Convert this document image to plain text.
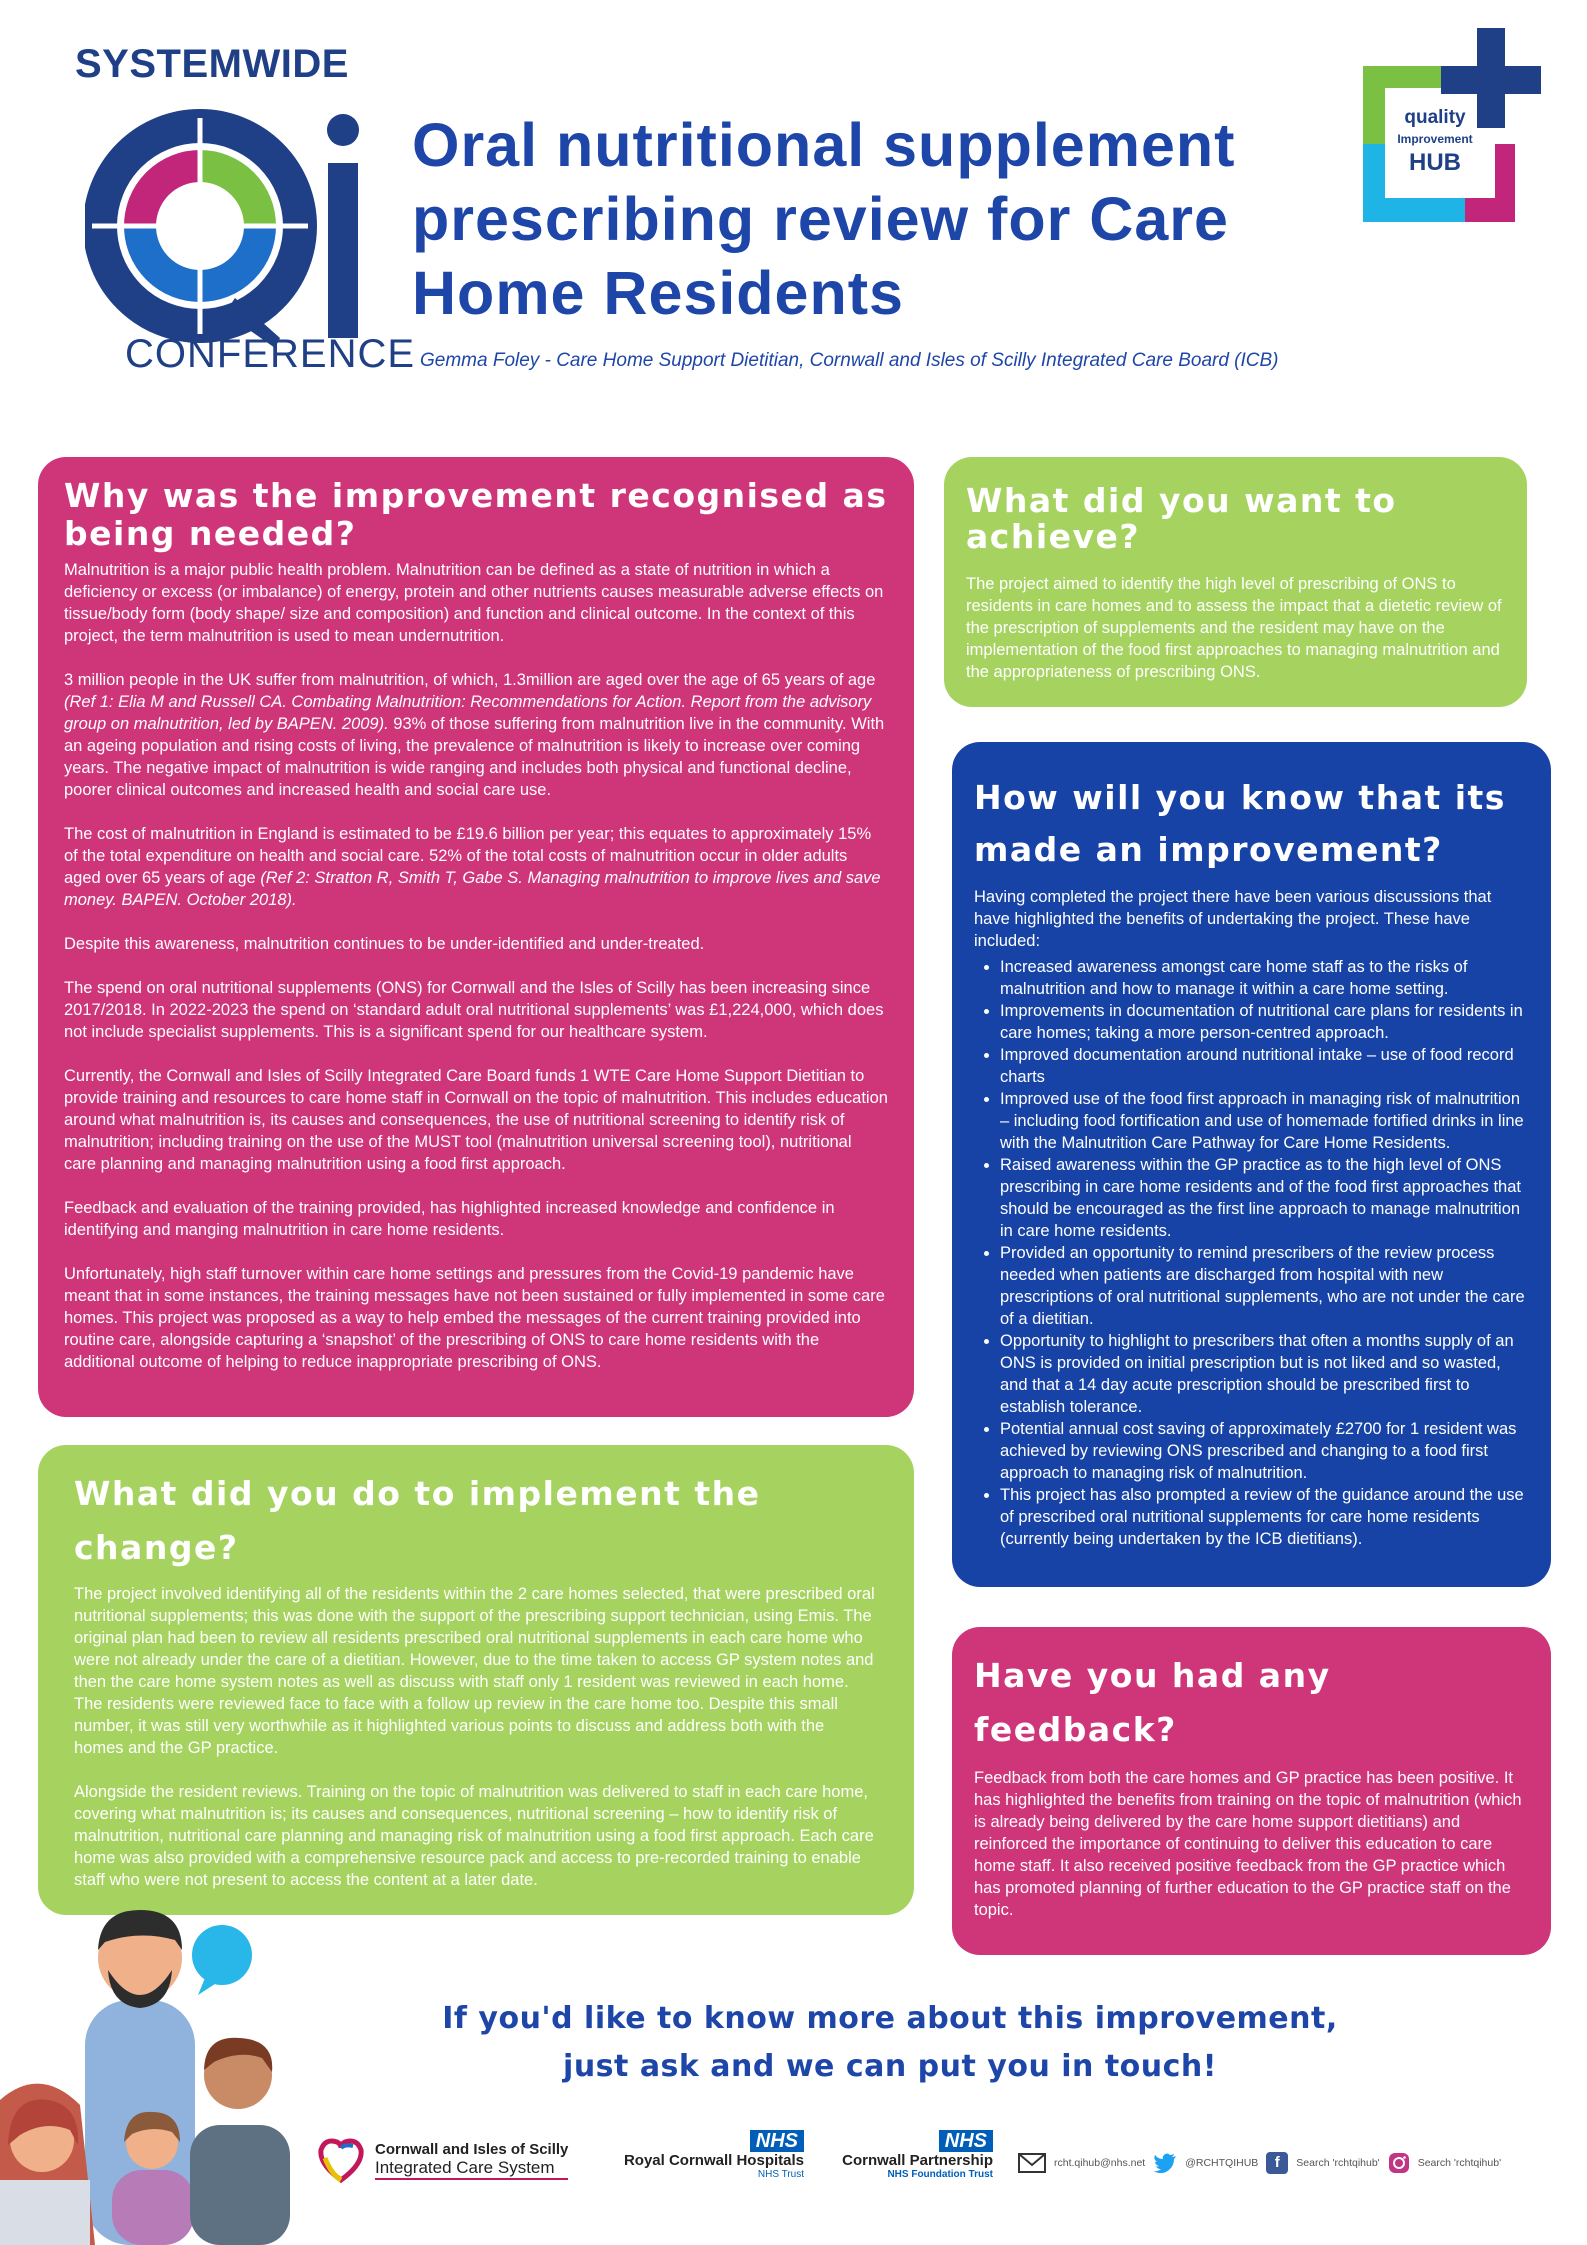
SYSTEMWIDE
CONFERENCE
Oral nutritional supplement prescribing review for Care Home Residents
Gemma Foley - Care Home Support Dietitian, Cornwall and Isles of Scilly Integrated Care Board (ICB)
quality
Improvement
HUB
Why was the improvement recognised as being needed?

Malnutrition is a major public health problem. Malnutrition can be defined as a state of nutrition in which a deficiency or excess (or imbalance) of energy, protein and other nutrients causes measurable adverse effects on tissue/body form (body shape/ size and composition) and function and clinical outcome. In the context of this project, the term malnutrition is used to mean undernutrition.

3 million people in the UK suffer from malnutrition, of which, 1.3million are aged over the age of 65 years of age (Ref 1: Elia M and Russell CA. Combating Malnutrition: Recommendations for Action. Report from the advisory group on malnutrition, led by BAPEN. 2009). 93% of those suffering from malnutrition live in the community. With an ageing population and rising costs of living, the prevalence of malnutrition is likely to increase over coming years. The negative impact of malnutrition is wide ranging and includes both physical and functional decline, poorer clinical outcomes and increased health and social care use.

The cost of malnutrition in England is estimated to be £19.6 billion per year; this equates to approximately 15% of the total expenditure on health and social care. 52% of the total costs of malnutrition occur in older adults aged over 65 years of age (Ref 2: Stratton R, Smith T, Gabe S. Managing malnutrition to improve lives and save money. BAPEN. October 2018).

Despite this awareness, malnutrition continues to be under-identified and under-treated.

The spend on oral nutritional supplements (ONS) for Cornwall and the Isles of Scilly has been increasing since 2017/2018. In 2022-2023 the spend on ‘standard adult oral nutritional supplements’ was £1,224,000, which does not include specialist supplements. This is a significant spend for our healthcare system.

Currently, the Cornwall and Isles of Scilly Integrated Care Board funds 1 WTE Care Home Support Dietitian to provide training and resources to care home staff in Cornwall on the topic of malnutrition. This includes education around what malnutrition is, its causes and consequences, the use of nutritional screening to identify risk of malnutrition; including training on the use of the MUST tool (malnutrition universal screening tool), nutritional care planning and managing malnutrition using a food first approach.

Feedback and evaluation of the training provided, has highlighted increased knowledge and confidence in identifying and manging malnutrition in care home residents.

Unfortunately, high staff turnover within care home settings and pressures from the Covid-19 pandemic have meant that in some instances, the training messages have not been sustained or fully implemented in some care homes. This project was proposed as a way to help embed the messages of the current training provided into routine care, alongside capturing a ‘snapshot’ of the prescribing of ONS to care home residents with the additional outcome of helping to reduce inappropriate prescribing of ONS.

What did you want to achieve?

The project aimed to identify the high level of prescribing of ONS to residents in care homes and to assess the impact that a dietetic review of the prescription of supplements and the resident may have on the implementation of the food first approaches to managing malnutrition and the appropriateness of prescribing ONS.

How will you know that its made an improvement?

Having completed the project there have been various discussions that have highlighted the benefits of undertaking the project. These have included:

• Increased awareness amongst care home staff as to the risks of malnutrition and how to manage it within a care home setting.
• Improvements in documentation of nutritional care plans for residents in care homes; taking a more person-centred approach.
• Improved documentation around nutritional intake – use of food record charts
• Improved use of the food first approach in managing risk of malnutrition – including food fortification and use of homemade fortified drinks in line with the Malnutrition Care Pathway for Care Home Residents.
• Raised awareness within the GP practice as to the high level of ONS prescribing in care home residents and of the food first approaches that should be encouraged as the first line approach to manage malnutrition in care home residents.
• Provided an opportunity to remind prescribers of the review process needed when patients are discharged from hospital with new prescriptions of oral nutritional supplements, who are not under the care of a dietitian.
• Opportunity to highlight to prescribers that often a months supply of an ONS is provided on initial prescription but is not liked and so wasted, and that a 14 day acute prescription should be prescribed first to establish tolerance.
• Potential annual cost saving of approximately £2700 for 1 resident was achieved by reviewing ONS prescribed and changing to a food first approach to managing risk of malnutrition.
• This project has also prompted a review of the guidance around the use of prescribed oral nutritional supplements for care home residents (currently being undertaken by the ICB dietitians).
What did you do to implement the change?

The project involved identifying all of the residents within the 2 care homes selected, that were prescribed oral nutritional supplements; this was done with the support of the prescribing support technician, using Emis. The original plan had been to review all residents prescribed oral nutritional supplements in each care home who were not already under the care of a dietitian. However, due to the time taken to access GP system notes and then the care home system notes as well as discuss with staff only 1 resident was reviewed in each home. The residents were reviewed face to face with a follow up review in the care home too. Despite this small number, it was still very worthwhile as it highlighted various points to discuss and address both with the homes and the GP practice.

Alongside the resident reviews. Training on the topic of malnutrition was delivered to staff in each care home, covering what malnutrition is; its causes and consequences, nutritional screening – how to identify risk of malnutrition, nutritional care planning and managing risk of malnutrition using a food first approach. Each care home was also provided with a comprehensive resource pack and access to pre-recorded training to enable staff who were not present to access the content at a later date.

Have you had any feedback?

Feedback from both the care homes and GP practice has been positive. It has highlighted the benefits from training on the topic of malnutrition (which is already being delivered by the care home support dietitians) and reinforced the importance of continuing to deliver this education to care home staff. It also received positive feedback from the GP practice which has promoted planning of further education to the GP practice staff on the topic.

If you'd like to know more about this improvement,
just ask and we can put you in touch!
Cornwall and Isles of Scilly
Integrated Care System
NHS
Royal Cornwall Hospitals
NHS Trust
NHS
Cornwall Partnership
NHS Foundation Trust
rcht.qihub@nhs.net	@RCHTQIHUB	f	Search 'rchtqihub'	Search 'rchtqihub'
